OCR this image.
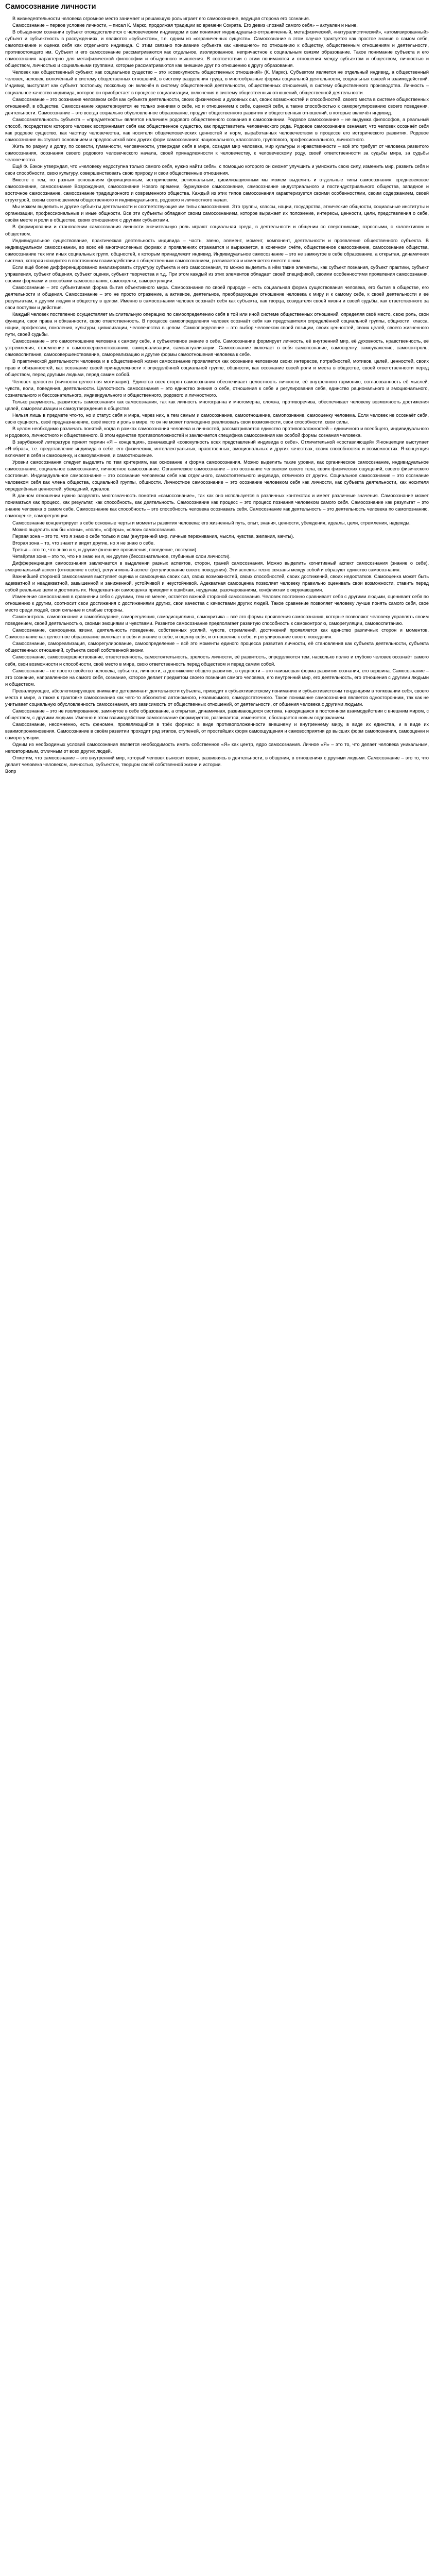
Самосознание личности

В жизнедеятельности человека огромное место занимает и решающую роль играет его самосознание, ведущая сторона его сознания.

Самосознание – первое условие личности, – писал К. Маркс, продолжая традиции во времени Сократа. Его девиз «познай самого себя» – актуален и ныне.

В обыденном сознании субъект отождествляется с человеческим индивидом и сам понимает индивидуально-отграниченный, метафизический, «натуралистический», «атомизированный» субъект и субъектность в рассуждениях, и являются «субъектом», т.е. одним из «ограниченных существ». Самосознание в этом случае трактуется как простое знание о самом себе, самопознание и оценка себя как отдельного индивида. С этим связано понимание субъекта как «внешнего» по отношению к обществу, общественным отношениям и деятельности, противостоящего им. Субъект и его самосознание рассматриваются как отдельное, изолированное, непричастное к социальным связям образование. Такое понимание субъекта и его самосознания характерно для метафизической философии и обыденного мышления. В соответствии с этим понимаются и отношения между субъектом и обществом, личностью и обществом, личностью и социальными группами, которые рассматриваются как внешние друг по отношению к другу образования.

Человек как общественный субъект, как социальное существо – это «совокупность общественных отношений» (К. Маркс). Субъектом является не отдельный индивид, а общественный человек, человек, включённый в систему общественных отношений, в систему разделения труда, в многообразные формы социальной деятельности, социальных связей и взаимодействий. Индивид выступает как субъект постольку, поскольку он включён в систему общественной деятельности, общественных отношений, в систему общественного производства. Личность – социальное качество индивида, которое он приобретает в процессе социализации, включения в систему общественных отношений, общественной деятельности.

Самосознание – это осознание человеком себя как субъекта деятельности, своих физических и духовных сил, своих возможностей и способностей, своего места в системе общественных отношений, в обществе. Самосознание характеризуется не только знанием о себе, но и отношением к себе, оценкой себя, а также способностью к саморегулированию своего поведения, деятельности. Самосознание – это всегда социально обусловленное образование, продукт общественного развития и общественных отношений, в которые включён индивид.

Самосознательность субъекта – «предметность» является наличием родового общественного сознания в самосознании. Родовое самосознание – не выдумка философов, а реальный способ, посредством которого человек воспринимает себя как общественное существо, как представитель человеческого рода. Родовое самосознание означает, что человек осознаёт себя как родовое существо, как частицу человечества, как носителя общечеловеческих ценностей и норм, выработанных человечеством в процессе его исторического развития. Родовое самосознание выступает основанием и предпосылкой всех других форм самосознания: национального, классового, группового, профессионального, личностного.

Жить по разуму и долгу, по совести, гуманности, человечности, утверждая себя в мире, созидая мир человека, мир культуры и нравственности – всё это требует от человека развитого самосознания, осознания своего родового человеческого начала, своей принадлежности к человечеству, к человеческому роду, своей ответственности за судьбы мира, за судьбы человечества.

Ещё Ф. Бэкон утверждал, что «человеку недоступна только самого себя, нужно найти себя», с помощью которого он сможет улучшить и умножить свою силу, изменить мир, развить себя и свои способности, свою культуру, совершенствовать свою природу и свои общественные отношения.

Вместе с тем, по разным основаниям формационным, историческим, региональным, цивилизационным мы можем выделить и отдельные типы самосознания: средневековое самосознание, самосознание Возрождения, самосознание Нового времени, буржуазное самосознание, самосознание индустриального и постиндустриального общества, западное и восточное самосознание, самосознание традиционного и современного общества. Каждый из этих типов самосознания характеризуется своими особенностями, своим содержанием, своей структурой, своим соотношением общественного и индивидуального, родового и личностного начал.

Мы можем выделить и другие субъекты деятельности и соответствующие им типы самосознания. Это группы, классы, нации, государства, этнические общности, социальные институты и организации, профессиональные и иные общности. Все эти субъекты обладают своим самосознанием, которое выражает их положение, интересы, ценности, цели, представления о себе, своём месте и роли в обществе, своих отношениях с другими субъектами.

В формировании и становлении самосознания личности значительную роль играют социальная среда, в деятельности и общении со сверстниками, взрослыми, с коллективом и обществом.

Индивидуальное существование, практическая деятельность индивида – часть, звено, элемент, момент, компонент, деятельности и проявление общественного субъекта. В индивидуальном самосознании, во всех её многочисленных формах и проявлениях отражается и выражается, в конечном счёте, общественное самосознание, самосознание общества, самосознание тех или иных социальных групп, общностей, к которым принадлежит индивид. Индивидуальное самосознание – это не замкнутое в себе образование, а открытая, динамичная система, которая находится в постоянном взаимодействии с общественным самосознанием, развивается и изменяется вместе с ним.

Если ещё более дифференцированно анализировать структуру субъекта и его самосознания, то можно выделить в нём такие элементы, как субъект познания, субъект практики, субъект управления, субъект общения, субъект оценки, субъект творчества и т.д. При этом каждый из этих элементов обладает своей спецификой, своими особенностями проявления самосознания, своими формами и способами самоосознания, самооценки, саморегуляции.

Самосознание – это субъективная форма бытия объективного мира. Самосознание по своей природе – есть социальная форма существования человека, его бытия в обществе, его деятельности и общения. Самосознание – это не просто отражение, а активное, деятельное, преобразующее отношение человека к миру и к самому себе, к своей деятельности и её результатам, к другим людям и обществу в целом. Именно в самосознании человек осознаёт себя как субъекта, как творца, созидателя своей жизни и своей судьбы, как ответственного за свои поступки и действия.

Каждый человек постепенно осуществляет мыслительную операцию по самоопределению себя в той или иной системе общественных отношений, определяя своё место, свою роль, свои функции, свои права и обязанности, свою ответственность. В процессе самоопределения человек осознаёт себя как представителя определённой социальной группы, общности, класса, нации, профессии, поколения, культуры, цивилизации, человечества в целом. Самоопределение – это выбор человеком своей позиции, своих ценностей, своих целей, своего жизненного пути, своей судьбы.

Самосознание – это самоотношение человека к самому себе, и субъективное знание о себе. Самосознание формирует личность, её внутренний мир, её духовность, нравственность, её устремления, стремление к самосовершенствованию, самореализации, самоактуализации. Самосознание включает в себя самопознание, самооценку, самоуважение, самоконтроль, самовоспитание, самосовершенствование, самореализацию и другие формы самоотношения человека к себе.

В практической деятельности человека и в общественной жизни самосознание проявляется как осознание человеком своих интересов, потребностей, мотивов, целей, ценностей, своих прав и обязанностей, как осознание своей принадлежности к определённой социальной группе, общности, как осознание своей роли и места в обществе, своей ответственности перед обществом, перед другими людьми, перед самим собой.

Человек целостен (личности целостная мотивация). Единство всех сторон самосознания обеспечивает целостность личности, её внутреннюю гармонию, согласованность её мыслей, чувств, воли, поведения, деятельности. Целостность самосознания – это единство знания о себе, отношения к себе и регулирования себя, единство рационального и эмоционального, сознательного и бессознательного, индивидуального и общественного, родового и личностного.

Только разумность, развитость самосознания как самосознания, так как личность многогранна и многомерна, сложна, противоречива, обеспечивает человеку возможность достижения целей, самореализации и самоутверждения в обществе.

Нельзя лишь в предмете что-то, но и статус себя и мира, через них, а тем самым и самосознание, самоотношение, самопознание, самооценку человека. Если человек не осознаёт себя, свою сущность, своё предназначение, своё место и роль в мире, то он не может полноценно реализовать свои возможности, свои способности, свои силы.

В целом необходимо различать понятий, когда в рамках самосознания человека и личностей, рассматривается единство противоположностей – единичного и всеобщего, индивидуального и родового, личностного и общественного. В этом единстве противоположностей и заключается специфика самосознания как особой формы сознания человека.

В зарубежной литературе принят термин «Я – концепция», означающий «совокупность всех представлений индивида о себе». Отличительной «составляющей» Я-концепции выступает «Я-образ», т.е. представление индивида о себе, его физических, интеллектуальных, нравственных, эмоциональных и других качествах, своих способностях и возможностях. Я-концепция включает в себя и самооценку, и самоуважение, и самоотношение.

Уровни самосознания следует выделять по тем критериям, как основание и форма самоосознания. Можно выделить такие уровни, как органическое самосознание, индивидуальное самосознание, социальное самосознание, личностное самосознание. Органическое самосознание – это осознание человеком своего тела, своих физических ощущений, своего физического состояния. Индивидуальное самосознание – это осознание человеком себя как отдельного, самостоятельного индивида, отличного от других. Социальное самосознание – это осознание человеком себя как члена общества, социальной группы, общности. Личностное самосознание – это осознание человеком себя как личности, как субъекта деятельности, как носителя определённых ценностей, убеждений, идеалов.

В данном отношении нужно разделять многозначность понятия «самосознание», так как оно используется в различных контекстах и имеет различные значения. Самосознание может пониматься как процесс, как результат, как способность, как деятельность. Самосознание как процесс – это процесс познания человеком самого себя. Самосознание как результат – это знание человека о самом себе. Самосознание как способность – это способность человека осознавать себя. Самосознание как деятельность – это деятельность человека по самопознанию, самооценке, саморегуляции.

Самосознание концентрирует в себе основные черты и моменты развития человека: его жизненный путь, опыт, знания, ценности, убеждения, идеалы, цели, стремления, надежды.

Можно выделить как бы «зоны», «поля», «сферы», «слои» самосознания.

Первая зона – это то, что я знаю о себе только я сам (внутренний мир, личные переживания, мысли, чувства, желания, мечты).

Вторая зона – то, что знают и видят другие, но я не знаю о себе.

Третья – это то, что знаю и я, и другие (внешние проявления, поведение, поступки).

Четвёртая зона – это то, что не знаю ни я, ни другие (бессознательное, глубинные слои личности).

Дифференциация самосознания заключается в выделении разных аспектов, сторон, граней самосознания. Можно выделить когнитивный аспект самосознания (знание о себе), эмоциональный аспект (отношение к себе), регулятивный аспект (регулирование своего поведения). Эти аспекты тесно связаны между собой и образуют единство самосознания.

Важнейшей стороной самосознания выступает оценка и самооценка своих сил, своих возможностей, своих способностей, своих достижений, своих недостатков. Самооценка может быть адекватной и неадекватной, завышенной и заниженной, устойчивой и неустойчивой. Адекватная самооценка позволяет человеку правильно оценивать свои возможности, ставить перед собой реальные цели и достигать их. Неадекватная самооценка приводит к ошибкам, неудачам, разочарованиям, конфликтам с окружающими.

Изменение самосознания в сравнении себя с другими, тем не менее, остаётся важной стороной самосознания. Человек постоянно сравнивает себя с другими людьми, оценивает себя по отношению к другим, соотносит свои достижения с достижениями других, свои качества с качествами других людей. Такое сравнение позволяет человеку лучше понять самого себя, своё место среди людей, свои сильные и слабые стороны.

Самоконтроль, самопознание и самообладание, саморегуляция, самодисциплина, самокритика – всё это формы проявления самосознания, которые позволяют человеку управлять своим поведением, своей деятельностью, своими эмоциями и чувствами. Развитое самосознание предполагает развитую способность к самоконтролю, саморегуляции, самовоспитанию.

Самосознание, самооценка жизни, деятельность поведение, собственных усилий, чувств, стремлений, достижений проявляется как единство различных сторон и моментов. Самосознание как целостное образование включает в себя и знание о себе, и оценку себя, и отношение к себе, и регулирование своего поведения.

Самосознание, самореализация, саморегулирование, самоопределение – всё это моменты единого процесса развития личности, её становления как субъекта деятельности, субъекта общественных отношений, субъекта своей собственной жизни.

Самосознание, самосовершенствование, ответственность, самостоятельность, зрелость личности, её развитость, определяются тем, насколько полно и глубоко человек осознаёт самого себя, свои возможности и способности, своё место в мире, свою ответственность перед обществом и перед самим собой.

Самосознание – не просто свойство человека, субъекта, личности, а достижение общего развития, в сущности – это наивысшая форма развития сознания, его вершина. Самосознание – это сознание, направленное на самого себя, сознание, которое делает предметом своего познания самого человека, его внутренний мир, его деятельность, его отношения с другими людьми и обществом.

Превалирующее, абсолютизирующее внимание детерминант деятельности субъекта, приводит к субъективистскому пониманию и субъективистским тенденциям в толковании себя, своего места в мире, а также к трактовке самосознания как чего-то абсолютно автономного, независимого, самодостаточного. Такое понимание самосознания является односторонним, так как не учитывает социальную обусловленность самосознания, его зависимость от общественных отношений, от деятельности, от общения человека с другими людьми.

Самосознание – это не изолированное, замкнутое в себе образование, а открытая, динамичная, развивающаяся система, находящаяся в постоянном взаимодействии с внешним миром, с обществом, с другими людьми. Именно в этом взаимодействии самосознание формируется, развивается, изменяется, обогащается новым содержанием.

Самосознание, несомненно, есть феномен, проявляющийся в трёх формах: в виде противоположенности внешнему и внутреннему миру, в виде их единства, и в виде их взаимопроникновения. Самосознание в своём развитии проходит ряд этапов, ступеней, от простейших форм самоощущения и самовосприятия до высших форм самопознания, самооценки и саморегуляции.

Одним из необходимых условий самосознания является необходимость иметь собственное «Я» как центр, ядро самосознания. Личное «Я» – это то, что делает человека уникальным, неповторимым, отличным от всех других людей.

Отметим, что самосознание – это внутренний мир, который человек выносит вовне, развиваясь в деятельности, в общении, в отношениях с другими людьми. Самосознание – это то, что делает человека человеком, личностью, субъектом, творцом своей собственной жизни и истории.

Вопр
